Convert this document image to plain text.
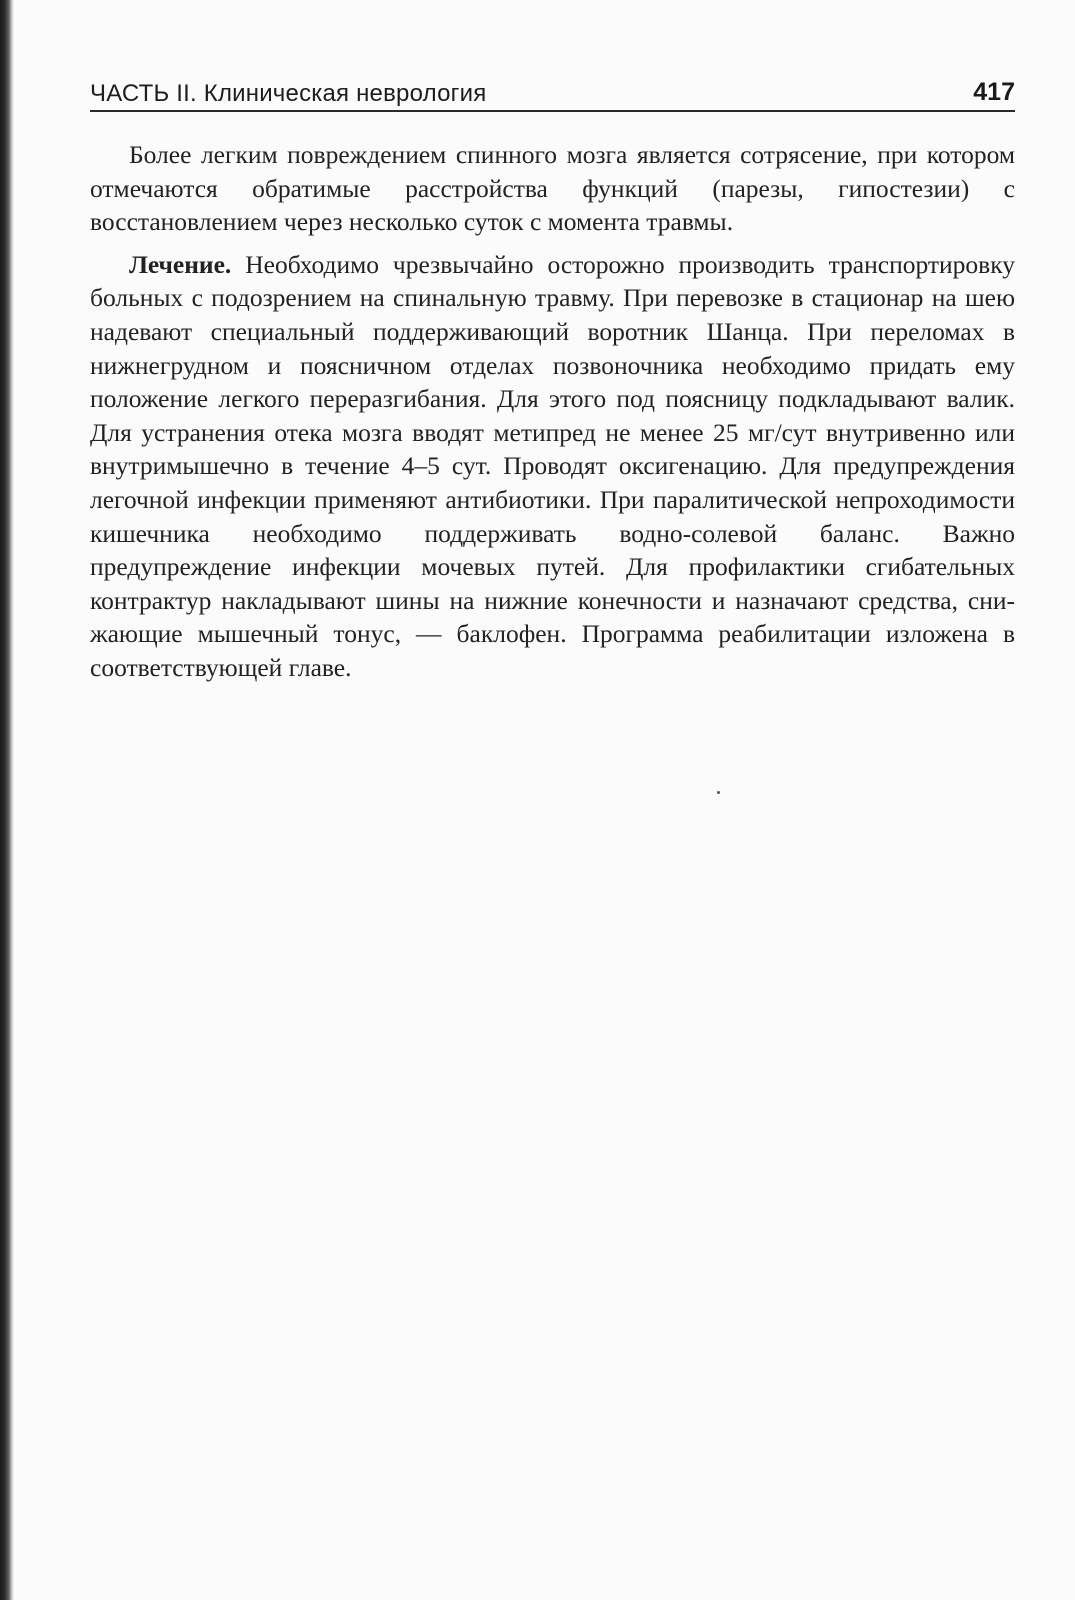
ЧАСТЬ II. Клиническая неврология	417

Более легким повреждением спинного мозга является сотрясение, при котором отмечаются обратимые расстройства функций (парезы, гипостезии) с восстановлением через несколько суток с момента травмы.

Лечение. Необходимо чрезвычайно осторожно производить транспортировку больных с подозрением на спинальную травму. При перевозке в стационар на шею надевают специальный поддерживающий воротник Шанца. При переломах в нижнегрудном и поясничном отделах позвоночника необходимо придать ему положение легкого переразгибания. Для этого под поясницу подкладывают валик. Для устранения отека мозга вводят метипред не менее 25 мг/сут внутривенно или внутримышечно в течение 4–5 сут. Проводят оксигенацию. Для предупреждения легочной инфекции применяют антибиотики. При паралитической непроходимости кишечника необходимо поддерживать водно-солевой баланс. Важно предупреждение инфекции мочевых путей. Для профилактики сгибательных контрактур накладывают шины на нижние конечности и назначают средства, снижающие мышечный тонус, — баклофен. Программа реабилитации изложена в соответствующей главе.
